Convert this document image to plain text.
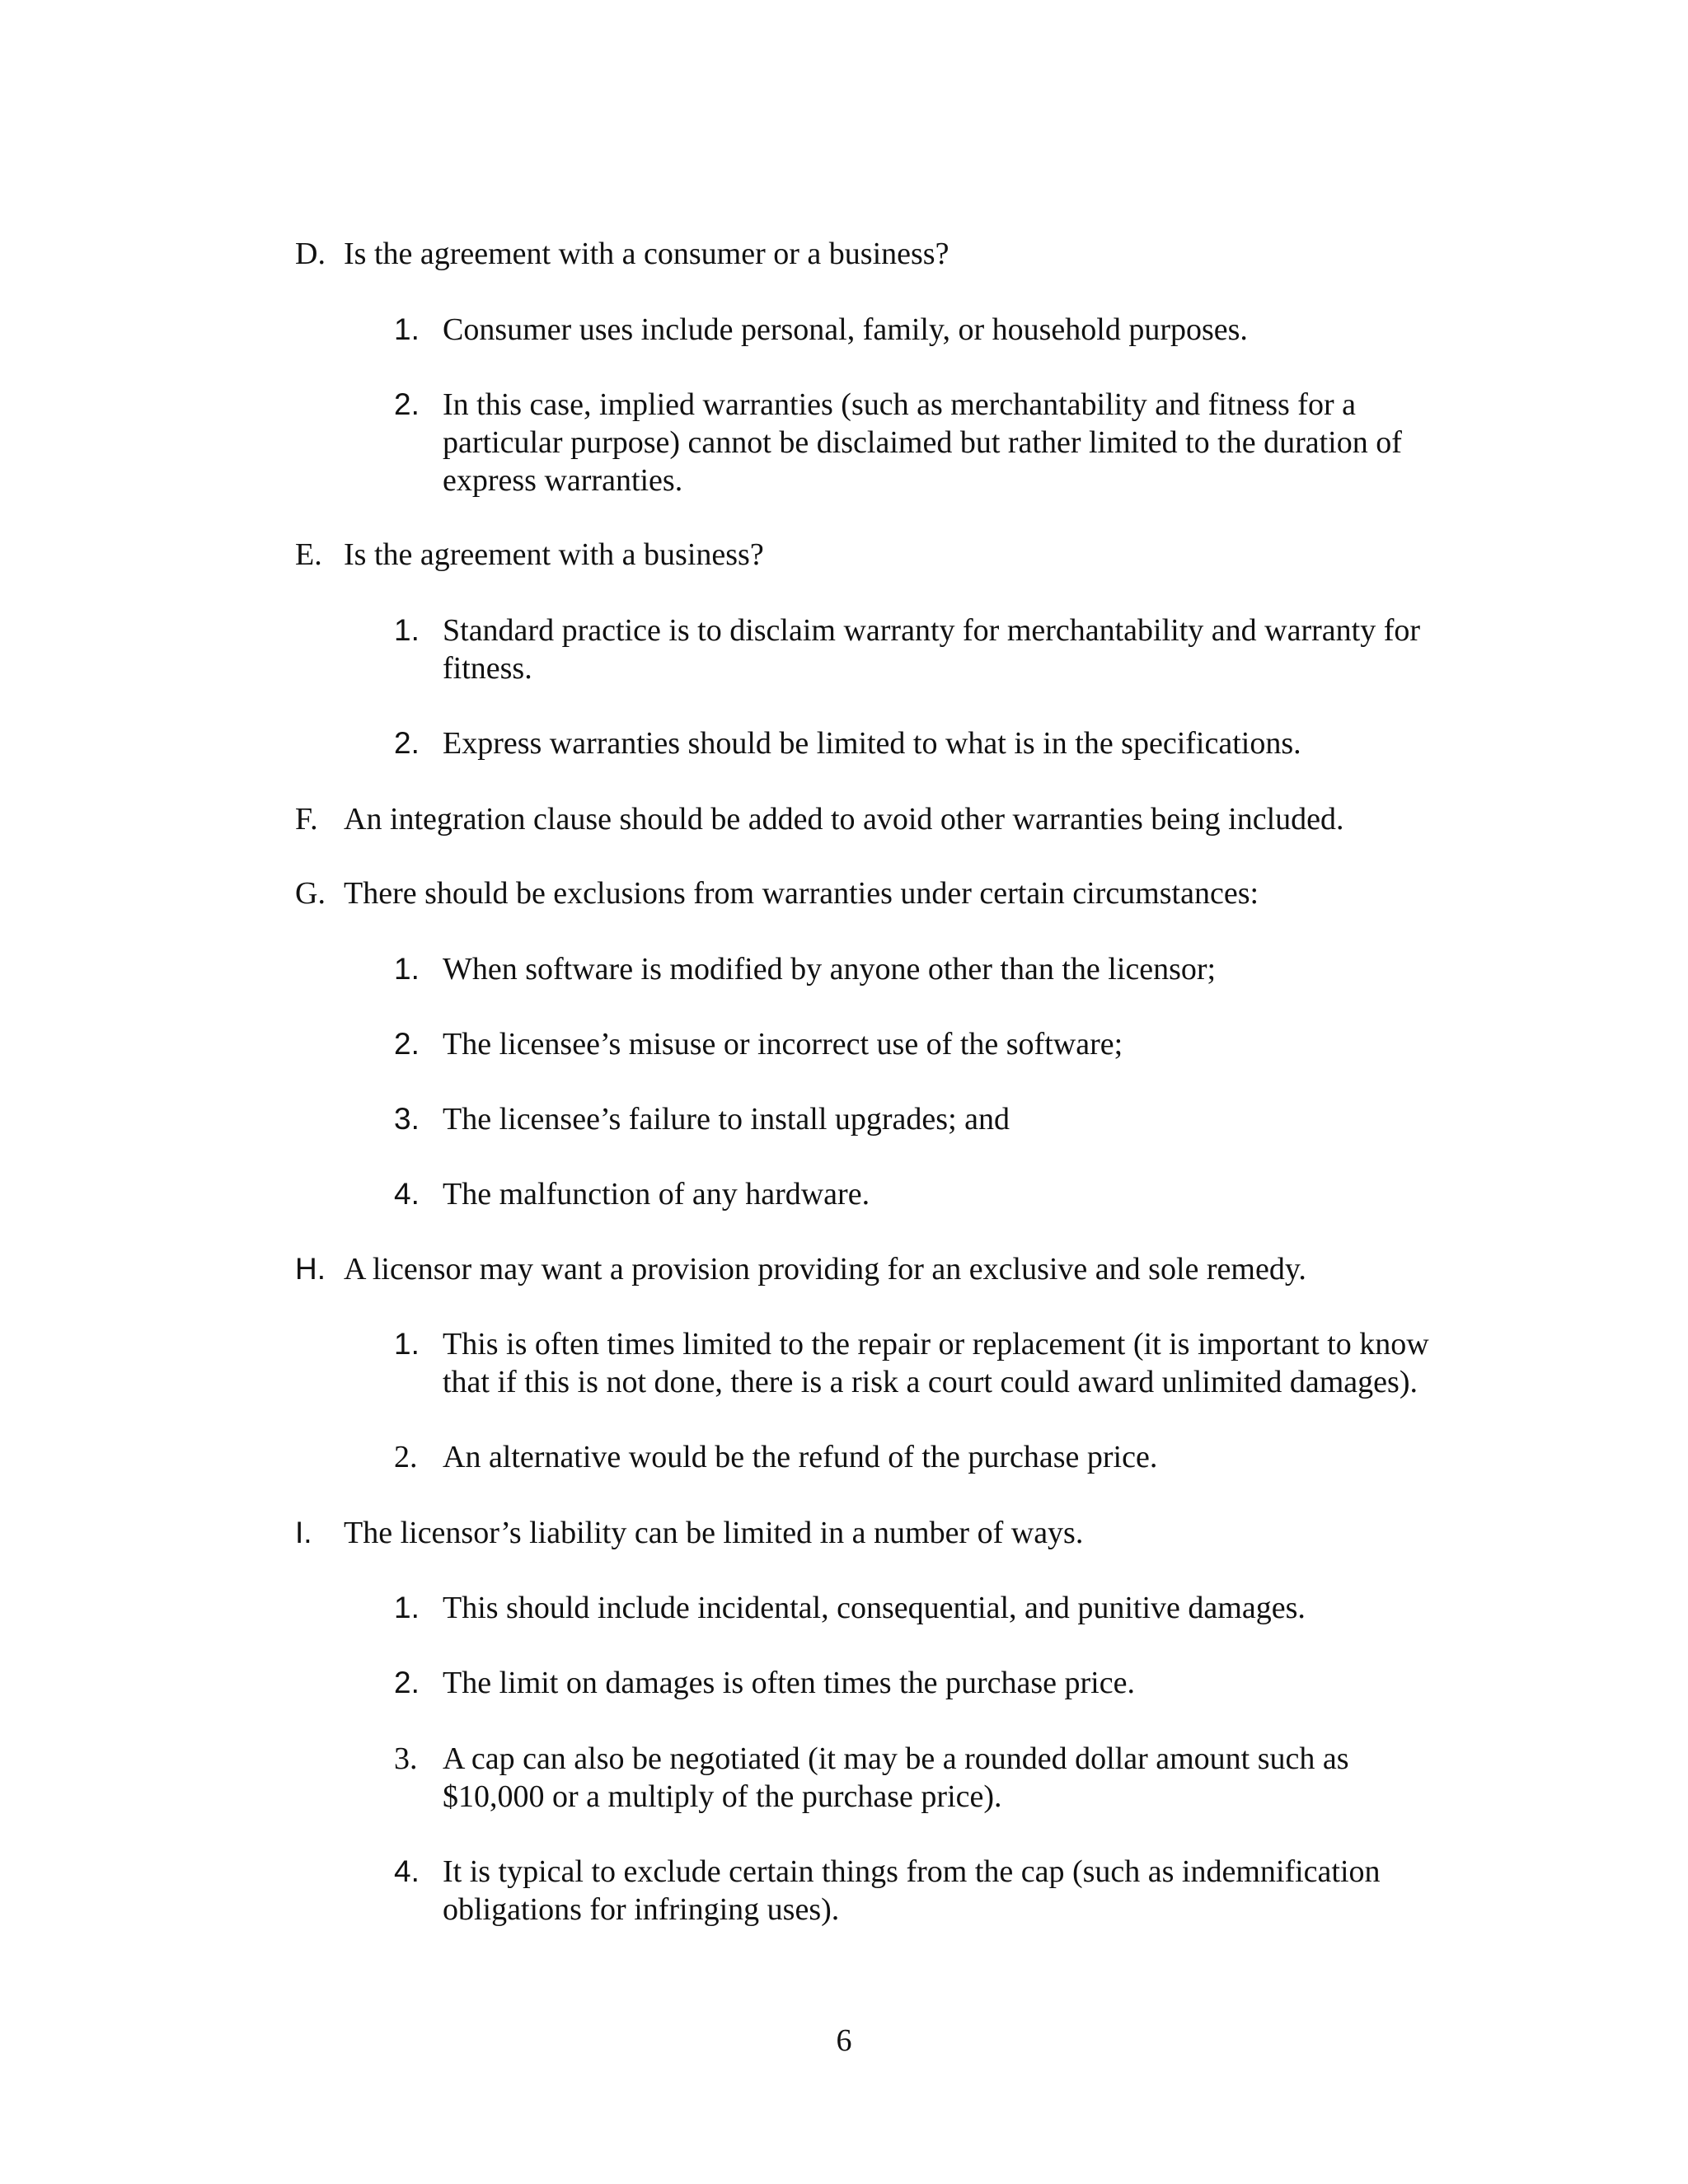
D. Is the agreement with a consumer or a business?
1. Consumer uses include personal, family, or household purposes.
2. In this case, implied warranties (such as merchantability and fitness for a
particular purpose) cannot be disclaimed but rather limited to the duration of
express warranties.
E. Is the agreement with a business?
1. Standard practice is to disclaim warranty for merchantability and warranty for
fitness.
2. Express warranties should be limited to what is in the specifications.
F. An integration clause should be added to avoid other warranties being included.
G. There should be exclusions from warranties under certain circumstances:
1. When software is modified by anyone other than the licensor;
2. The licensee’s misuse or incorrect use of the software;
3. The licensee’s failure to install upgrades; and
4. The malfunction of any hardware.
H. A licensor may want a provision providing for an exclusive and sole remedy.
1. This is often times limited to the repair or replacement (it is important to know
that if this is not done, there is a risk a court could award unlimited damages).
2. An alternative would be the refund of the purchase price.
I. The licensor’s liability can be limited in a number of ways.
1. This should include incidental, consequential, and punitive damages.
2. The limit on damages is often times the purchase price.
3. A cap can also be negotiated (it may be a rounded dollar amount such as
$10,000 or a multiply of the purchase price).
4. It is typical to exclude certain things from the cap (such as indemnification
obligations for infringing uses).
6
